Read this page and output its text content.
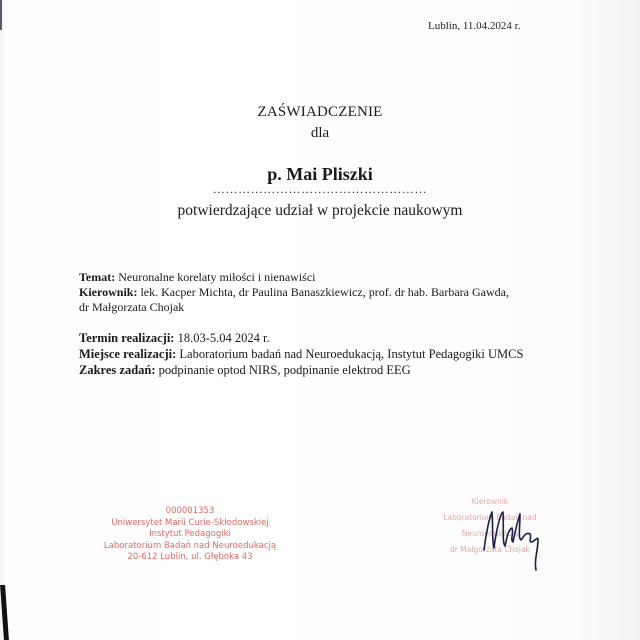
Lublin, 11.04.2024 r.
ZAŚWIADCZENIE
dla
p. Mai Pliszki
……………………………………………
potwierdzające udział w projekcie naukowym
Temat: Neuronalne korelaty miłości i nienawiści
Kierownik: lek. Kacper Michta, dr Paulina Banaszkiewicz, prof. dr hab. Barbara Gawda,
dr Małgorzata Chojak
Termin realizacji: 18.03-5.04 2024 r.
Miejsce realizacji: Laboratorium badań nad Neuroedukacją, Instytut Pedagogiki UMCS
Zakres zadań: podpinanie optod NIRS, podpinanie elektrod EEG
000001353
Uniwersytet Marii Curie-Skłodowskiej
Instytut Pedagogiki
Laboratorium Badań nad Neuroedukacją
20-612 Lublin, ul. Głęboka 43
Kierownik
Laboratorium Badań nad Neuroedukacją
dr Małgorzata Chojak
